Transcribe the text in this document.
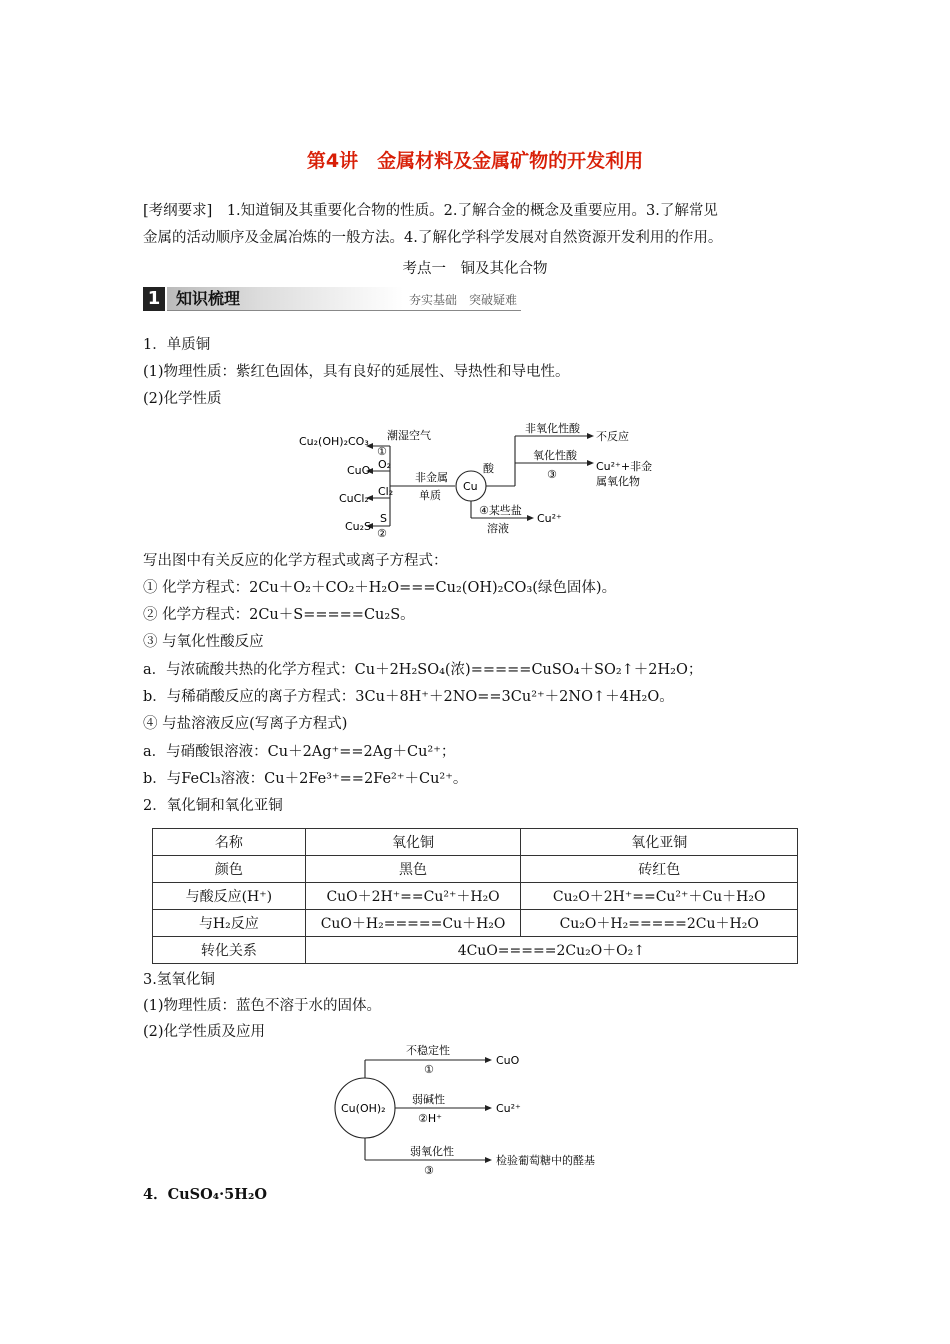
第4讲　金属材料及金属矿物的开发利用
[考纲要求]　1.知道铜及其重要化合物的性质。2.了解合金的概念及重要应用。3.了解常见
金属的活动顺序及金属冶炼的一般方法。4.了解化学科学发展对自然资源开发利用的作用。
考点一　铜及其化合物
1 知识梳理	夯实基础　突破疑难
1．单质铜
(1)物理性质：紫红色固体，具有良好的延展性、导热性和导电性。
(2)化学性质
Cu₂(OH)₂CO₃
CuO
CuCl₂
Cu₂S
潮湿空气
①
O₂
Cl₂
S
②
非金属
单质
Cu
酸
非氧化性酸
不反应
氧化性酸
③
Cu²⁺+非金
属氧化物
④某些盐
溶液
Cu²⁺
写出图中有关反应的化学方程式或离子方程式：
① 化学方程式：2Cu＋O₂＋CO₂＋H₂O===Cu₂(OH)₂CO₃(绿色固体)。
② 化学方程式：2Cu＋S=====Cu₂S。
③ 与氧化性酸反应
a．与浓硫酸共热的化学方程式：Cu＋2H₂SO₄(浓)=====CuSO₄＋SO₂↑＋2H₂O；
b．与稀硝酸反应的离子方程式：3Cu＋8H⁺＋2NO==3Cu²⁺＋2NO↑＋4H₂O。
④ 与盐溶液反应(写离子方程式)
a．与硝酸银溶液：Cu＋2Ag⁺==2Ag＋Cu²⁺；
b．与FeCl₃溶液：Cu＋2Fe³⁺==2Fe²⁺＋Cu²⁺。
2．氧化铜和氧化亚铜
名称	氧化铜	氧化亚铜
颜色	黑色	砖红色
与酸反应(H⁺)	CuO＋2H⁺==Cu²⁺＋H₂O	Cu₂O＋2H⁺==Cu²⁺＋Cu＋H₂O
与H₂反应	CuO＋H₂=====Cu＋H₂O	Cu₂O＋H₂=====2Cu＋H₂O
转化关系	4CuO=====2Cu₂O＋O₂↑	
3.氢氧化铜
(1)物理性质：蓝色不溶于水的固体。
(2)化学性质及应用
Cu(OH)₂
不稳定性
①
CuO
弱碱性
②H⁺
Cu²⁺
弱氧化性
③
检验葡萄糖中的醛基
4．CuSO₄·5H₂O
